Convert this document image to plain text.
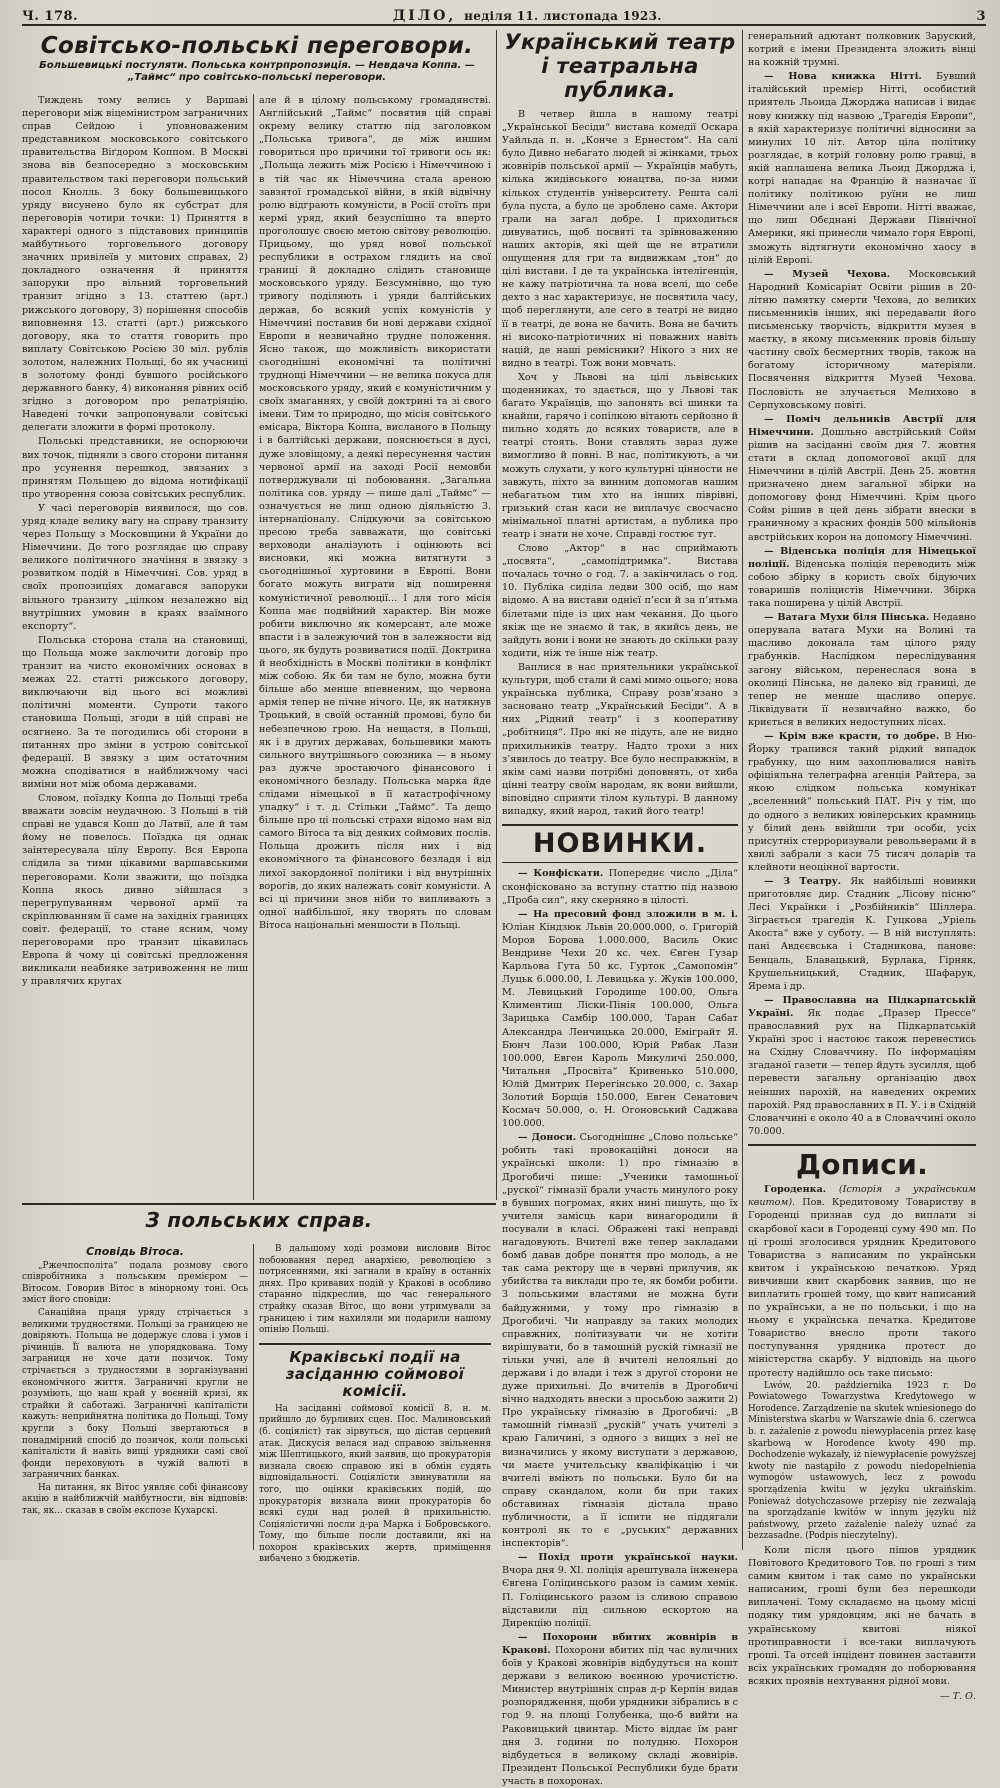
Ч. 178.	ДІЛО, неділя 11. листопада 1923.	3
Совітсько-польські переговори.
Большевицькі постуляти. Польська контрпропозиція. — Невдача Коппа. — „Таймс“ про совітсько-польські переговори.

Тиждень тому велись у Варшаві переговори між віцемінистром заграничних справ Сейдою і уповноваженим представником московського совітського правительства Віґдором Коппом. В Москві знова вів безпосередно з московським правительством такі переговори польський посол Кнолль. З боку большевицького уряду висунено було як субстрат для переговорів чотири точки: 1) Приняття в характері одного з підставових принципів майбутнього торговельного договору значних привілеїв у митових справах, 2) докладного означення й приняття запоруки про вільний торговельний транзит згідно з 13. статтею (арт.) рижського договору, 3) порішення способів виповнення 13. статті (арт.) рижського договору, яка то стаття говорить про виплату Совітською Росією 30 міл. рублів золотом, належних Польщі, бо як учасниці в золотому фонді бувшого російського державного банку, 4) виконання рівних осіб згідно з договором про репатріяцію. Наведені точки запропонували совітські делегати зложити в формі протоколу.

Польські представники, не оспорюючи вих точок, підняли з свого сторони питання про усунення перешкод, звязаних з принятям Польщею до відома нотифікації про утворення союза совітських республик.

У часі переговорів виявилося, що сов. уряд кладе велику вагу на справу транзиту через Польщу з Московщини й України до Німеччини. До того розглядає цю справу великого політичного значіння в звязку з розвитком подій в Німеччині. Сов. уряд в своїх пропозиціях домагався запоруки вільного транзиту „цілком незалежно від внутрішних умовин в краях взаїмного експорту“.

Польська сторона стала на становищі, що Польща може заключити договір про транзит на чисто економічних основах в межах 22. статті рижського договору, виключаючи від цього всі можливі політичні моменти. Супроти такого становиша Польщі, згоди в цій справі не осягнено. За те погодились обі сторони в питаннях про зміни в устрою совітської федерації. В звязку з цим остаточним можна сподіватися в найближчому часі виміни нот між обома державами.

Словом, поїздку Коппа до Польщі треба вважати зовсім неудачною. З Польщі в тій справі не удався Копп до Латвії, але й там йому не повелось. Поїздка ця однак заінтересувала цілу Европу. Вся Европа слідила за тими цікавими варшавськими переговорами. Коли зважити, що поїздка Коппа якось дивно зійшлася з перегрупуванням червоної армії та скріплюванням її саме на західніх границях совіт. федерації, то стане ясним, чому переговорами про транзит цікавилась Европа й чому ці совітські предложення викликали неабияке затривоження не лиш у правлячих кругах

але й в цілому польському громадянстві. Англійський „Таймс“ посвятив цій справі окрему велику статтю під заголовком „Польська тривога“, де між иншим говориться про причини тої тривоги ось як: „Польща лежить між Росією і Німеччиною і в тій час як Німеччина стала ареною завзятої громадської війни, в якій відвічну ролю відграють комуністи, в Росії стоїть при кермі уряд, який безуспішно та вперто проголошує своєю метою світову революцію. Прицьому, що уряд нової польської республики в острахом глядить на свої границі й докладно слідить становище московського уряду. Безсумнівно, що тую тривогу поділяють і уряди балтійських держав, бо всякий успіх комуністів у Німеччині поставив би нові держави східної Европи в незвичайно трудне положення. Ясно також, що можливість використати сьогоднішні економічні та політичні труднощі Німеччини — не велика покуса для московського уряду, який є комуністичним у своїх змаганнях, у своїй доктрині та зі свого імени. Тим то природно, що місія совітського емісара, Віктора Коппа, висланого в Польщу і в балтійські держави, пояснюється в дусі, дуже зловіщому, а деякі пересунення частин червоної армії на заході Росії немовби потверджували ці побоювання. „Загальна політика сов. уряду — пише далі „Таймс“ — означується не лиш одною діяльністю 3. інтернаціоналу. Слідкуючи за совітською пресою треба завважати, що совітські верховоди аналізують і оцінюють всі висновки, які можна витягнути з сьогоднішньої хуртовини в Европі. Вони богато можуть виграти від поширення комуністичної революції... І для того місія Коппа має подвійний характер. Він може робити виключно як комерсант, але може впасти і в залежуючий тон в залежности від цього, як будуть розвиватися події. Доктрина й необхідність в Москві політики в конфлікт між собою. Як би там не було, можна бути більше або менше впевненим, що червона армія тепер не пічне нічого. Це, як натякнув Троцький, в своїй останній промові, було би небезпечною грою. На нещастя, в Польщі, як і в других державах, большевики мають сильного внутрішнього союзника — в ньому раз дужче зростаючого фінансового і економічного безладу. Польська марка йде слідами німецької в її катастрофічному упадку“ і т. д. Стільки „Таймс“. Та дещо більше про ці польські страхи відомо нам від самого Вітоса та від деяких соймових послів. Польща дрожить після них і від економічного та фінансового безладя і від лихої закордонної політики і від внутрішніх ворогів, до яких належать совіт комуністи. А всі ці причини знов ніби то випливають з одної найбільшої, яку творять по словам Вітоса національні меншости в Польщі.

Український театр і театральна публика.

В четвер йшла в нашому театрі „Української Бесіди“ вистава комедії Оскара Уайльда п. н. „Конче з Ернестом“. На салі було Дивно небагато людей зі жінками, трьох жовнірів польської армії — Українців мабуть, кілька жидівського юнацтва, по-за ними кількох студентів університету. Решта салі була пуста, а було це зроблено саме. Актори грали на загал добре. І приходиться дивуватись, щоб посвяті та зрівноваженню наших акторів, які щей ще не втратили ощущення для гри та видвижкам „тон“ до цілі вистави. І де та українська інтелігенція, не кажу патріотична та нова вселі, що себе дехто з нас характеризує, не посвятила часу, щоб переглянути, але сего в театрі не видно її в театрі, де вона не бачить. Вона не бачить ні високо-патріотичних ні поважних навіть націй, де наші ремісники? Нікого з них не видно в театрі. Тож вони мовчать.

Хоч у Львові на цілі львівських щоденниках, то здається, що у Львові так багато Українців, що запонять всі шинки та кнайпи, гарячо і сопілкою вітають серйозно й пильно ходять до всяких товариств, але в театрі стоять. Вони ставлять зараз дуже вимогливо й повні. В нас, політикують, а чи можуть слухати, у кого культурні цінности не завжуть, піхто за винним допомогав нашим небагатьом тим хто на інших піврівні, гризький стан каси не виплачує свосчасно мінімальної платні артистам, а публика про театр і знати не хоче. Справді гостює тут.

Слово „Актор“ в нас сприймають „посвята“, „самопідтримка“. Вистава почалась точно о год. 7. а закінчилась о год. 10. Публіка сиділа ледви 300 осіб, що нам відомо. А на вистави однієї п’єси й за п’ятьма білетами піде із цих нам чекання. До цього якіж ще не знаємо й так, в якийсь день, не зайдуть вони і вони не знають до скільки разу ходити, ніж те інше ніж театр.

Ваплися в нас приятельники української культури, щоб стали й самі мимо оцього; нова українська публика, Справу розв’язано з засновано театр „Український Бесіди“. А в них „Рідний театр“ і з кооперативу „робітниця“. Про які не підуть, але не видно прихильників театру. Надто трохи з них з’явилось до театру. Все було несправжнім, в якім самі назви потрібні доповнять, от хиба цінні театру своїм народам, як вони вийшли, віповідно сприяти тілом культурі. В данному випадку, який народ, такий його театр!

НОВИНКИ.

— Конфіскати. Попереднє число „Діла“ сконфісковано за вступну статтю під назвою „Проба сил“, яку скерняно в цілості.

— На пресовий фонд зложили в м. і. Юліан Кіндзюк Львів 20.000.000, о. Григорій Моров Борова 1.000.000, Василь Окис Вендрине Чехи 20 кс. чех. Євген Гузар Карльова Гута 50 кс. Гурток „Самопомін“ Луцьк 6.000.00, І. Левицька у. Жуків 100.000, М. Левицький Городище 100.00, Ольга Климентиш Ліски-Пінія 100.000, Ольга Зарицька Самбір 100.000, Таран Сабат Александра Ленчицька 20.000, Еміграйт Я. Бюнч Лази 100.000, Юрій Рибак Лази 100.000, Евген Кароль Микуличі 250.000, Читальня „Просвіта“ Кривенько 510.000, Юлій Дмитрик Перегінсько 20.000, с. Захар Золотий Борщів 150.000, Евген Сенатович Космач 50.000, о. Н. Огоновський Саджава 100.000.

— Доноси. Сьогоднішнє „Слово польське“ робить такі провокаційні доноси на українські школи: 1) про гімназію в Дрогобичі пише: „Ученики тамошньої „рускої“ гімназії брали участь минулого року в бувших погромах, яких нині пишуть, що їх учителя замісць кари винагородили й посували в класі. Ображені такі неправді нагадовують. Вчителі вже тепер закладами бомб давав добре поняття про молодь, а не так сама ректору ще в червні прилучив, як убийства та виклади про те, як бомби робити. З польськими властями не можна бути байдужними, у тому про гімназію в Дрогобичі. Чи направду за таких молодих справжних, політизувати чи не хотіти вирішувати, бо в тамошній рускій гімназії не тільки учні, але й вчителі нелояльні до держави і до влади і теж з другої сторони не дуже прихильні. До вчителів в Дрогобичі вічно надходять внески з просьбою зажити 2) Про українську гімназію в Дрогобичі: „В тамошній гімназії „рускій“ учать учителі з краю Галичині, з одного з вищих з неї не визначились у якому виступати з державою, чи маєте учительську кваліфікацію і чи вчителі вміють по польськи. Було би на справу скандалом, коли би при таких обставинах гімназія дістала право публичности, а її іспити не піддягали контролі як то є „руських“ державних інспекторів“.

— Похід проти української науки. Вчора дня 9. XI. поліція арештувала інженера Євгена Голіцинського разом із самим хемік. П. Голіцинського разом із сливою справою відставили під сильною ескортою на Дирекцію поліції.

— Похорони вбитих жовнірів в Кракові. Похорони вбитих під час вуличних боїв у Кракові жовнірів відбудуться на кошт держави з великою воєнною урочистістю. Министер внутрішніх справ д-р Керпін видав розпорядження, щоби урядники зібрались в с год 9. на площі Голубенка, що-б вийти на Раковицький цвинтар. Місто віддає їм ранг дня 3. години по полудню. Похорон відбудеться в великому складі жовнірів. Президент Польської Республики буде брати участь в похоронах.

генеральний адютант полковник Заруский, котрий є імени Президента зложить вінці на кожній трумні.

— Нова книжка Нітті. Бувший італійський премієр Нітті, особистий приятель Льоида Джорджа написав і видає нову книжку під назвою „Трагедія Европи“, в якій характеризує політичні відносини за минулих 10 літ. Автор ціла політику розглядає, в котрій головну ролю гравці, в якій наплашена велика Льоид Джорджа і, котрі нападає на Францію й назначає її політику політикою руїни не лиш Німеччини але і всеї Европи. Нітті вважає, що лиш Обєднані Держави Північної Америки, які принесли чимало горя Европі, зможуть відтягнути економічно хаосу в цілій Европі.

— Музей Чехова. Московський Народний Комісаріят Освіти рішив в 20-літню памятку смерти Чехова, до великих письменників інших, які передавали його письменську творчість, відкриття музея в маєтку, в якому письменник провів більшу частину своїх бесмертних творів, також на богатому історичному матеріяли. Посвячення відкриття Музей Чехова. Пословість не злучається Мелихово в Серпуховському повіті.

— Поміч дельників Австрії для Німеччини. Дошльно австрійський Сойм рішив на засіданні своїм дня 7. жовтня стати в склад допомогової акції для Німеччини в цілій Австрії. День 25. жовтня призначено днем загальної збірки на допомогову фонд Німеччині. Крім цього Сойм рішив в цей день зібрати внески в граничному з красних фондів 500 мільйонів австрійських корон на допомогу Німеччині.

— Віденська поліція для Німецької поліції. Віденська поліція переводить між собою збірку в користь своїх бідуючих товаришів поліцистів Німеччини. Збірка така поширена у цілій Австрії.

— Ватага Мухи біля Пінська. Недавно оперувала ватага Мухи на Волині та щасливо доконала там цілого ряду грабунків. Наслідком переслідування загону військом, перенеслася вона в околиці Пінська, не далеко від границі, де тепер не менше щасливо оперує. Ліквідувати її незвичайно важко, бо криється в великих недоступних лісах.

— Крім вже красти, то добре. В Ню-Йорку трапився такий рідкий випадок грабунку, що ним захоплювалися навіть офіціяльна телеграфна агенція Райтера, за якою слідком польська комунікат „вселенний“ польський ПАТ. Річ у тім, що до одного з великих ювілерських крамниць у білий день ввійшли три особи, усіх присутніх стерроризували револьверами й в хвилі забрали з каси 75 тисяч доларів та клейноти неоцінної вартости.

— З Театру. Як найбільші новинки приготовляє дир. Стадник „Лісову пісню“ Лесі Українки і „Розбійників“ Шіллера. Зіграється трагедія К. Гуцкова „Уріель Акоста“ вже у суботу. — В ній виступлять: пані Авдєєвська і Стадникова, панове: Бенцаль, Блавацький, Бурлака, Гірняк, Крушельницький, Стадник, Шафарук, Ярема і др.

— Православна на Підкарпатській Україні. Як подає „Празер Прессе“ православний рух на Підкарпатській Україні зрос і настоює також перенестись на Східну Словаччину. По інформаціям згаданої газети — тепер йдуть зусилля, щоб перевести загальну організацію двох неінших парохій, на наведених окремих парохій. Ряд православних в П. У. і в Східній Словаччині є около 40 а в Словаччині около 70.000.

Дописи.

Городенка. (Історія з українським квитом). Пов. Кредитовому Товариству в Городенці признав суд до виплати зі скарбової каси в Городенці суму 490 мп. По ці гроші зголосився урядник Кредитового Товариства з написаним по українськи квитом і українською печаткою. Уряд вивчивши квит скарбовик заявив, що не виплатить грошей тому, що квит написаний по українськи, а не по польськи, і що на ньому є українська печатка. Кредитове Товариство внесло проти такого поступування урядника протест до міністерства скарбу. У відповідь на цього протесту надійшло ось таке письмо:

Lwów, 20. października 1923 r. Do Powiatowego Towarzystwa Kredytowego w Horodence. Zarządzenie na skutek wniesionego do Ministerstwa skarbu w Warszawie dnia 6. czerwca b. r. zażalenie z powodu niewypłacenia przez kasę skarbową w Horodence kwoty 490 mp. Dochodzenie wykazały, iż niewypłacenie powyższej kwoty nie nastąpiło z powodu niedopełnienia wymogów ustawowych, lecz z powodu sporządzenia kwitu w języku ukraińskim. Ponieważ dotychczasowe przepisy nie zezwalają na sporządzanie kwitów w innym języku niż państwowy, przeto zażalenie należy uznać za bezzasadne. (Podpis nieczytelny).

Коли після цього пішов урядник Повітового Кредитового Тов. по гроші з тим самим квитом і так само по українськи написаним, гроші були без перешкоди виплачені. Тому складаємо на цьому місці подяку тим урядовцям, які не бачать в українському квитові ніякої протиправности і все-таки виплачують гроші. Та отсей інцідент повинен заставити всіх українських громадян до поборювання всяких проявів нехтування рідної мови.

— Т. О.
З польських справ.
Сповідь Вітоса.

„Ржечпосполіта“ подала розмову свого співробітника з польським премієром — Вітосом. Говорив Вітос в мінорному тоні. Ось зміст його сповіди:

Санаційна праця уряду стрічається з великими трудностями. Польщі за границею не довіряють. Польща не додержує слова і умов і річинців. Її валюта не упорядкована. Тому заграниця не хоче дати позичок. Тому стрічається з трудностями в зорганізуванні економічного життя. Заграничні кругли не розуміють, що наш край у воєнній кризі, як страйки й саботажі. Заграничні капіталісти кажуть: неприйнятна політика до Польщі. Тому кругли з боку Польщі звертаються в понадмірний спосіб до позичок, коли польські капіталісти й навіть вищі урядники самі свої фонди переховують в чужій валюті в заграничних банках.

На питання, як Вітос уявляє собі фінансову акцію в найближчій майбутности, він відповів: так, як... сказав в своїм експозе Кухарскі.

В дальшому ході розмови висловив Вітос побоювання перед анархією, революцією з потрясеннями, які загнали в країну в останніх днях. Про кривавих подій у Кракові в особливо старанно підкреслив, що час генерального страйку сказав Вітос, що вони утримували за границею і тим нахиляли ми подарили нашому опінію Польщі.

Краківські події на засіданню соймової комісії.

На засіданні соймової комісії 8. н. м. прийшло до бурливих сцен. Пос. Малиновський (б. соціяліст) так зірвуться, що дістав серцевий атак. Дискусія велася над справою звільнення між Шептицького, який заявив, що прокураторія визнала своєю справою які в обмін судять відповідальності. Соціялісти звинуватили на того, що оцінки краківських подій, що прокураторія визнала вини прокураторів бо всякі суди над ролей й прихильністю. Соціялістичні посли д-ра Марка і Бобровського. Тому, що більше посли доставили, які на похорон краківських жертв, приміщення вибачено з бюджетів.
